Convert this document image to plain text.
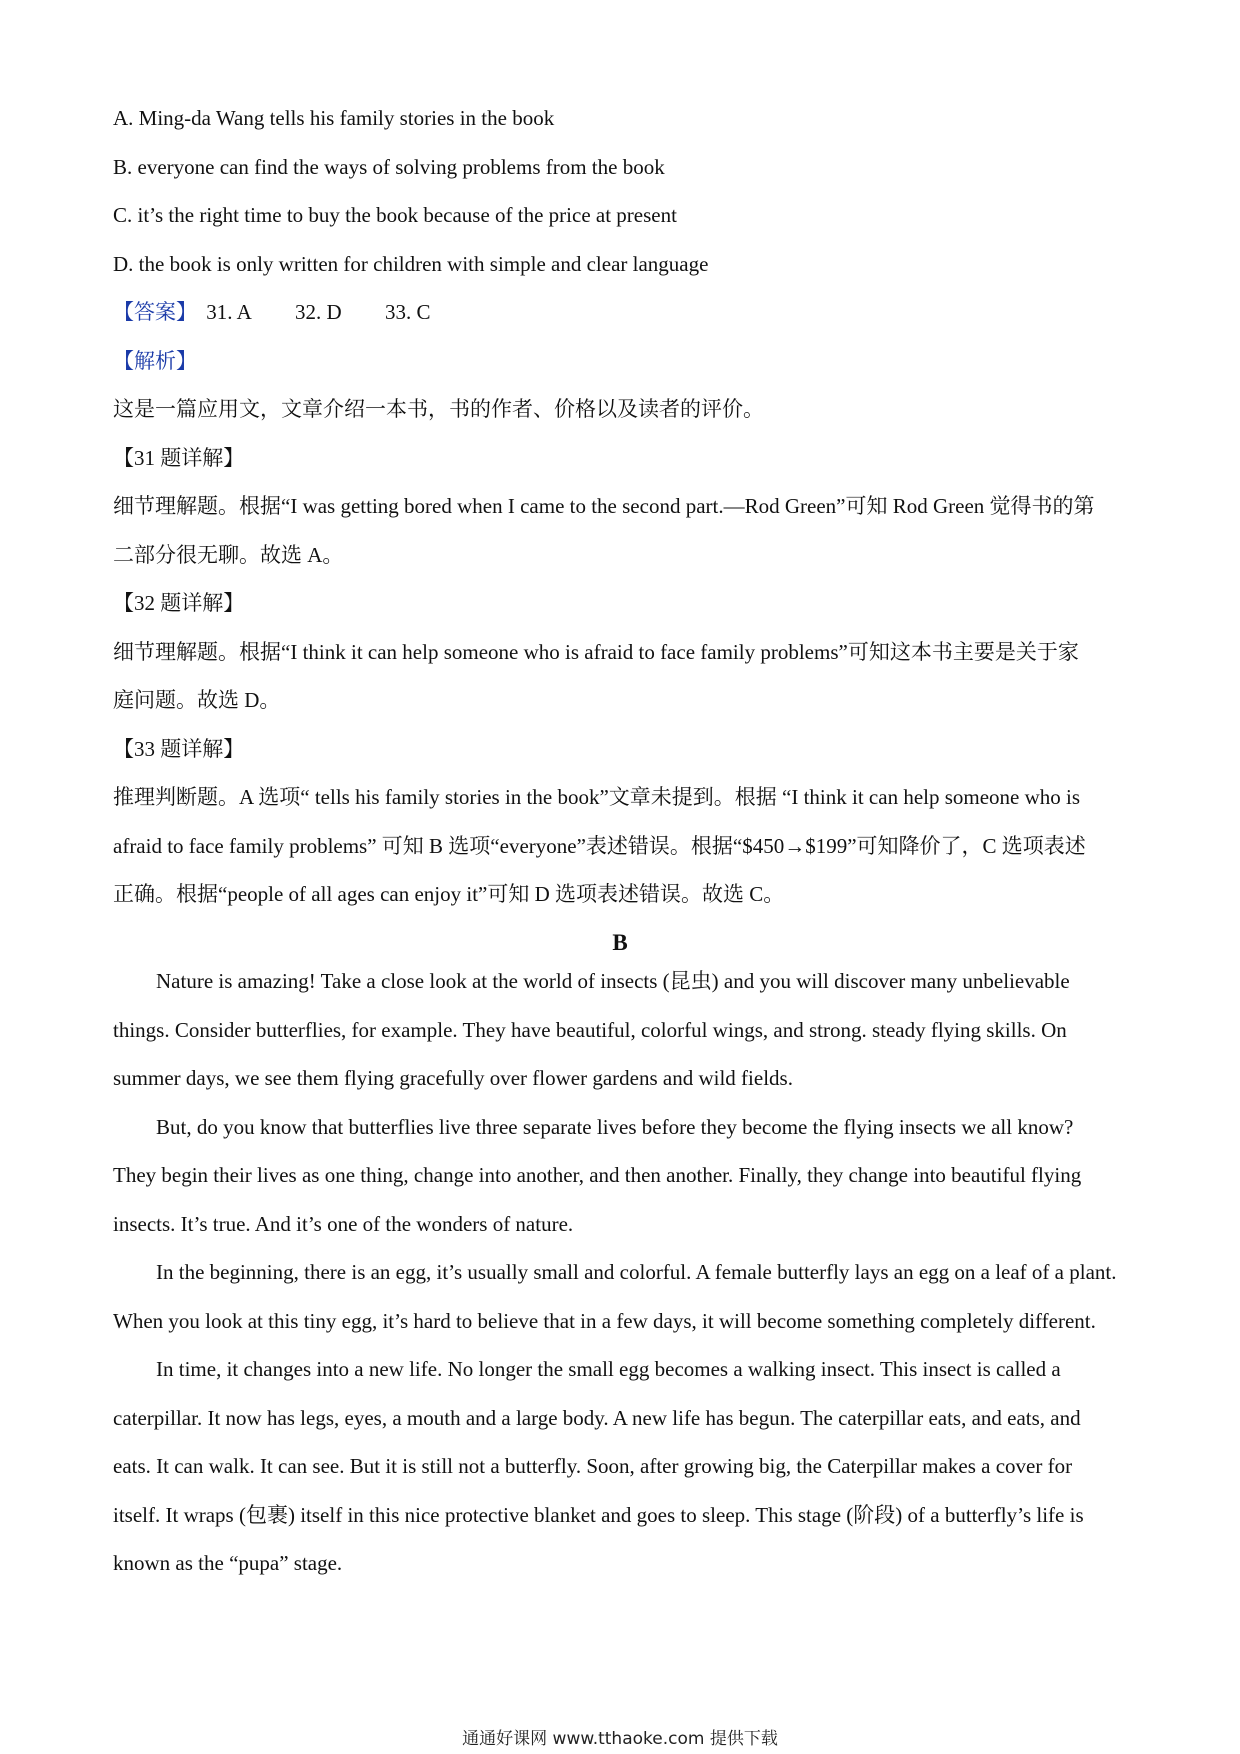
A. Ming-da Wang tells his family stories in the book
B. everyone can find the ways of solving problems from the book
C. it’s the right time to buy the book because of the price at present
D. the book is only written for children with simple and clear language
【答案】 31. A 32. D 33. C
【解析】
这是一篇应用文，文章介绍一本书，书的作者、价格以及读者的评价。
【31 题详解】
细节理解题。根据“I was getting bored when I came to the second part.—Rod Green”可知 Rod Green 觉得书的第
二部分很无聊。故选 A。
【32 题详解】
细节理解题。根据“I think it can help someone who is afraid to face family problems”可知这本书主要是关于家
庭问题。故选 D。
【33 题详解】
推理判断题。A 选项“ tells his family stories in the book”文章未提到。根据 “I think it can help someone who is
afraid to face family problems” 可知 B 选项“everyone”表述错误。根据“$450→$199”可知降价了，C 选项表述
正确。根据“people of all ages can enjoy it”可知 D 选项表述错误。故选 C。
B
Nature is amazing! Take a close look at the world of insects (昆虫) and you will discover many unbelievable
things. Consider butterflies, for example. They have beautiful, colorful wings, and strong. steady flying skills. On
summer days, we see them flying gracefully over flower gardens and wild fields.
But, do you know that butterflies live three separate lives before they become the flying insects we all know?
They begin their lives as one thing, change into another, and then another. Finally, they change into beautiful flying
insects. It’s true. And it’s one of the wonders of nature.
In the beginning, there is an egg, it’s usually small and colorful. A female butterfly lays an egg on a leaf of a plant.
When you look at this tiny egg, it’s hard to believe that in a few days, it will become something completely different.
In time, it changes into a new life. No longer the small egg becomes a walking insect. This insect is called a
caterpillar. It now has legs, eyes, a mouth and a large body. A new life has begun. The caterpillar eats, and eats, and
eats. It can walk. It can see. But it is still not a butterfly. Soon, after growing big, the Caterpillar makes a cover for
itself. It wraps (包裹) itself in this nice protective blanket and goes to sleep. This stage (阶段) of a butterfly’s life is
known as the “pupa” stage.
通通好课网 www.tthaoke.com 提供下载
